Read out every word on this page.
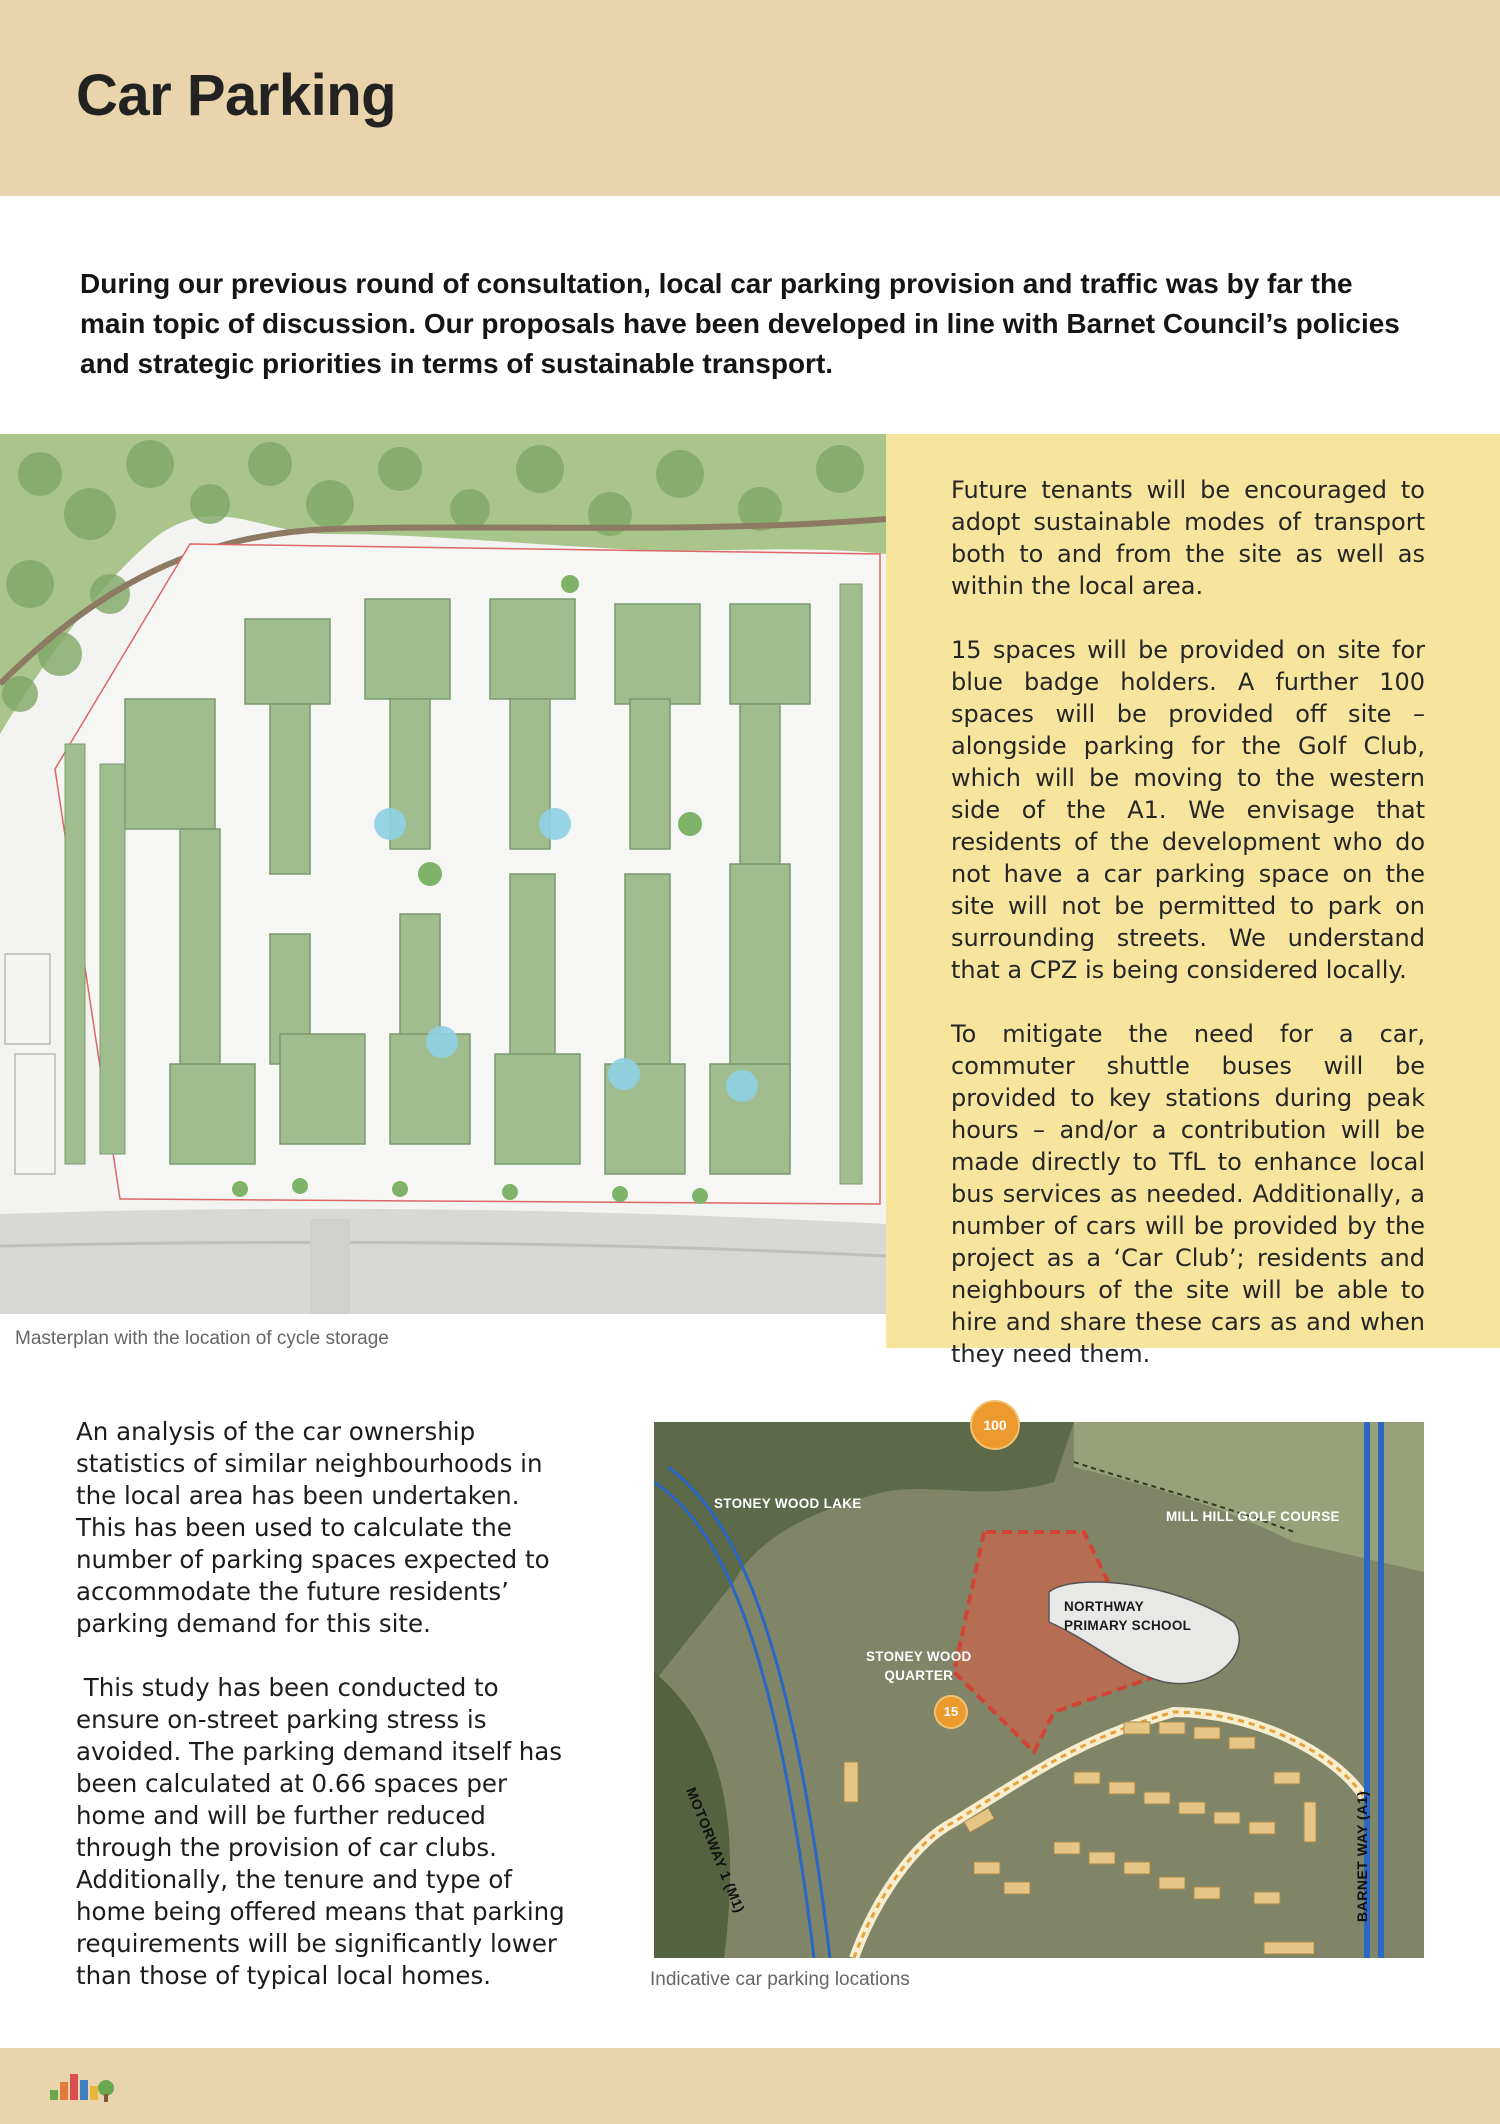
Car Parking
During our previous round of consultation, local car parking provision and traffic was by far the main topic of discussion. Our proposals have been developed in line with Barnet Council’s policies and strategic priorities in terms of sustainable transport.
Masterplan with the location of cycle storage

Future tenants will be encouraged to adopt sustainable modes of transport both to and from the site as well as within the local area.

15 spaces will be provided on site for blue badge holders. A further 100 spaces will be provided off site – alongside parking for the Golf Club, which will be moving to the western side of the A1. We envisage that residents of the development who do not have a car parking space on the site will not be permitted to park on surrounding streets. We understand that a CPZ is being considered locally.

To mitigate the need for a car, commuter shuttle buses will be provided to key stations during peak hours – and/or a contribution will be made directly to TfL to enhance local bus services as needed. Additionally, a number of cars will be provided by the project as a ‘Car Club’; residents and neighbours of the site will be able to hire and share these cars as and when they need them.

An analysis of the car ownership statistics of similar neighbourhoods in the local area has been undertaken. This has been used to calculate the number of parking spaces expected to accommodate the future residents’ parking demand for this site.

This study has been conducted to ensure on-street parking stress is avoided. The parking demand itself has been calculated at 0.66 spaces per home and will be further reduced through the provision of car clubs. Additionally, the tenure and type of home being offered means that parking requirements will be significantly lower than those of typical local homes.

STONEY WOOD LAKE
MILL HILL GOLF COURSE
NORTHWAY
PRIMARY SCHOOL
STONEY WOOD
QUARTER
100
15
MOTORWAY 1 (M1)	BARNET WAY (A1)
Indicative car parking locations
